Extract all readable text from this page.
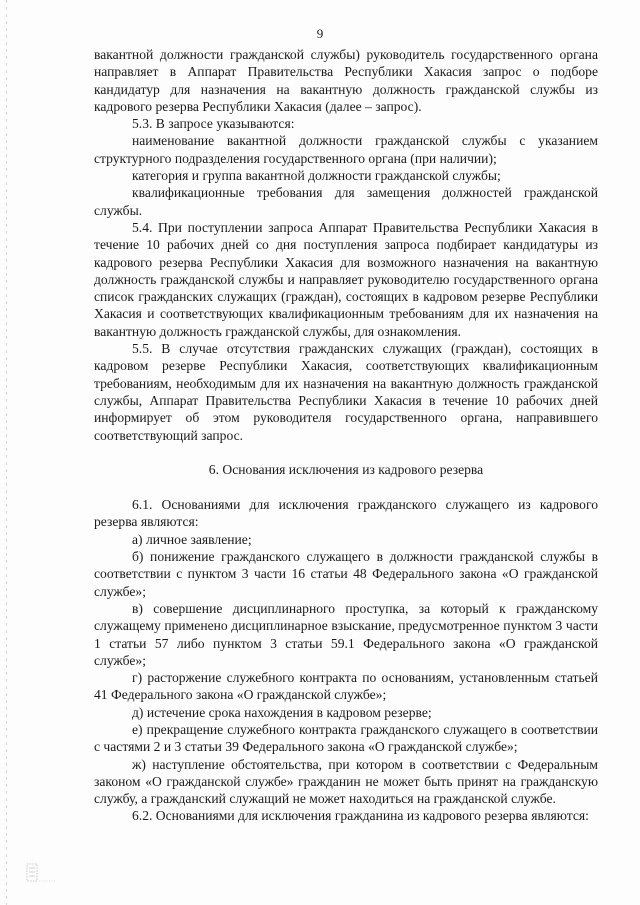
9

вакантной должности гражданской службы) руководитель государственного органа направляет в Аппарат Правительства Республики Хакасия запрос о подборе кандидатур для назначения на вакантную должность гражданской службы из кадрового резерва Республики Хакасия (далее – запрос).

5.3. В запросе указываются:

наименование вакантной должности гражданской службы с указанием структурного подразделения государственного органа (при наличии);

категория и группа вакантной должности гражданской службы;

квалификационные требования для замещения должностей гражданской службы.

5.4. При поступлении запроса Аппарат Правительства Республики Хакасия в течение 10 рабочих дней со дня поступления запроса подбирает кандидатуры из кадрового резерва Республики Хакасия для возможного назначения на вакантную должность гражданской службы и направляет руководителю государственного органа список гражданских служащих (граждан), состоящих в кадровом резерве Республики Хакасия и соответствующих квалификационным требованиям для их назначения на вакантную должность гражданской службы, для ознакомления.

5.5. В случае отсутствия гражданских служащих (граждан), состоящих в кадровом резерве Республики Хакасия, соответствующих квалификационным требованиям, необходимым для их назначения на вакантную должность гражданской службы, Аппарат Правительства Республики Хакасия в течение 10 рабочих дней информирует об этом руководителя государственного органа, направившего соответствующий запрос.

6. Основания исключения из кадрового резерва

6.1. Основаниями для исключения гражданского служащего из кадрового резерва являются:

а) личное заявление;

б) понижение гражданского служащего в должности гражданской службы в соответствии с пунктом 3 части 16 статьи 48 Федерального закона «О гражданской службе»;

в) совершение дисциплинарного проступка, за который к гражданскому служащему применено дисциплинарное взыскание, предусмотренное пунктом 3 части 1 статьи 57 либо пунктом 3 статьи 59.1 Федерального закона «О гражданской службе»;

г) расторжение служебного контракта по основаниям, установленным статьей 41 Федерального закона «О гражданской службе»;

д) истечение срока нахождения в кадровом резерве;

е) прекращение служебного контракта гражданского служащего в соответствии с частями 2 и 3 статьи 39 Федерального закона «О гражданской службе»;

ж) наступление обстоятельства, при котором в соответствии с Федеральным законом «О гражданской службе» гражданин не может быть принят на гражданскую службу, а гражданский служащий не может находиться на гражданской службе.

6.2. Основаниями для исключения гражданина из кадрового резерва являются:
